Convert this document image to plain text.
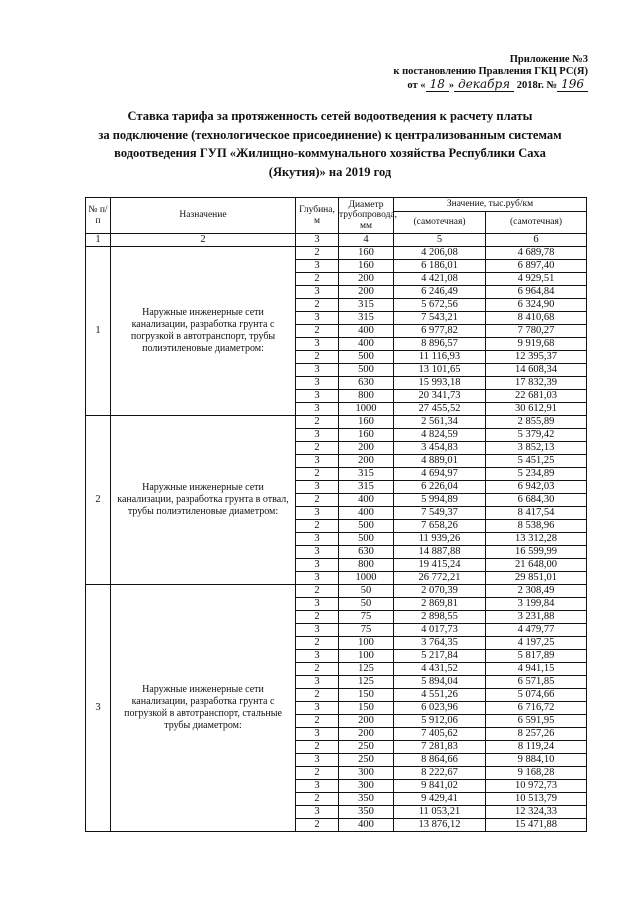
Приложение №3
к постановлению Правления ГКЦ РС(Я)
от « 18 » декабря 2018г. № 196
Ставка тарифа за протяженность сетей водоотведения к расчету платы
за подключение (технологическое присоединение) к централизованным системам
водоотведения ГУП «Жилищно-коммунального хозяйства Республики Саха
(Якутия)» на 2019 год
№ п/п	Назначение	Глубина, м	Диаметр трубопровода, мм	Значение, тыс.руб/км	
				(самотечная)	(самотечная)
1	2	3	4	5	6
1	Наружные инженерные сети канализации, разработка грунта с погрузкой в автотранспорт, трубы полиэтиленовые диаметром:	2	160	4 206,08	4 689,78
		3	160	6 186,01	6 897,40
		2	200	4 421,08	4 929,51
		3	200	6 246,49	6 964,84
		2	315	5 672,56	6 324,90
		3	315	7 543,21	8 410,68
		2	400	6 977,82	7 780,27
		3	400	8 896,57	9 919,68
		2	500	11 116,93	12 395,37
		3	500	13 101,65	14 608,34
		3	630	15 993,18	17 832,39
		3	800	20 341,73	22 681,03
		3	1000	27 455,52	30 612,91
2	Наружные инженерные сети канализации, разработка грунта в отвал, трубы полиэтиленовые диаметром:	2	160	2 561,34	2 855,89
		3	160	4 824,59	5 379,42
		2	200	3 454,83	3 852,13
		3	200	4 889,01	5 451,25
		2	315	4 694,97	5 234,89
		3	315	6 226,04	6 942,03
		2	400	5 994,89	6 684,30
		3	400	7 549,37	8 417,54
		2	500	7 658,26	8 538,96
		3	500	11 939,26	13 312,28
		3	630	14 887,88	16 599,99
		3	800	19 415,24	21 648,00
		3	1000	26 772,21	29 851,01
3	Наружные инженерные сети канализации, разработка грунта с погрузкой в автотранспорт, стальные трубы диаметром:	2	50	2 070,39	2 308,49
		3	50	2 869,81	3 199,84
		2	75	2 898,55	3 231,88
		3	75	4 017,73	4 479,77
		2	100	3 764,35	4 197,25
		3	100	5 217,84	5 817,89
		2	125	4 431,52	4 941,15
		3	125	5 894,04	6 571,85
		2	150	4 551,26	5 074,66
		3	150	6 023,96	6 716,72
		2	200	5 912,06	6 591,95
		3	200	7 405,62	8 257,26
		2	250	7 281,83	8 119,24
		3	250	8 864,66	9 884,10
		2	300	8 222,67	9 168,28
		3	300	9 841,02	10 972,73
		2	350	9 429,41	10 513,79
		3	350	11 053,21	12 324,33
		2	400	13 876,12	15 471,88
